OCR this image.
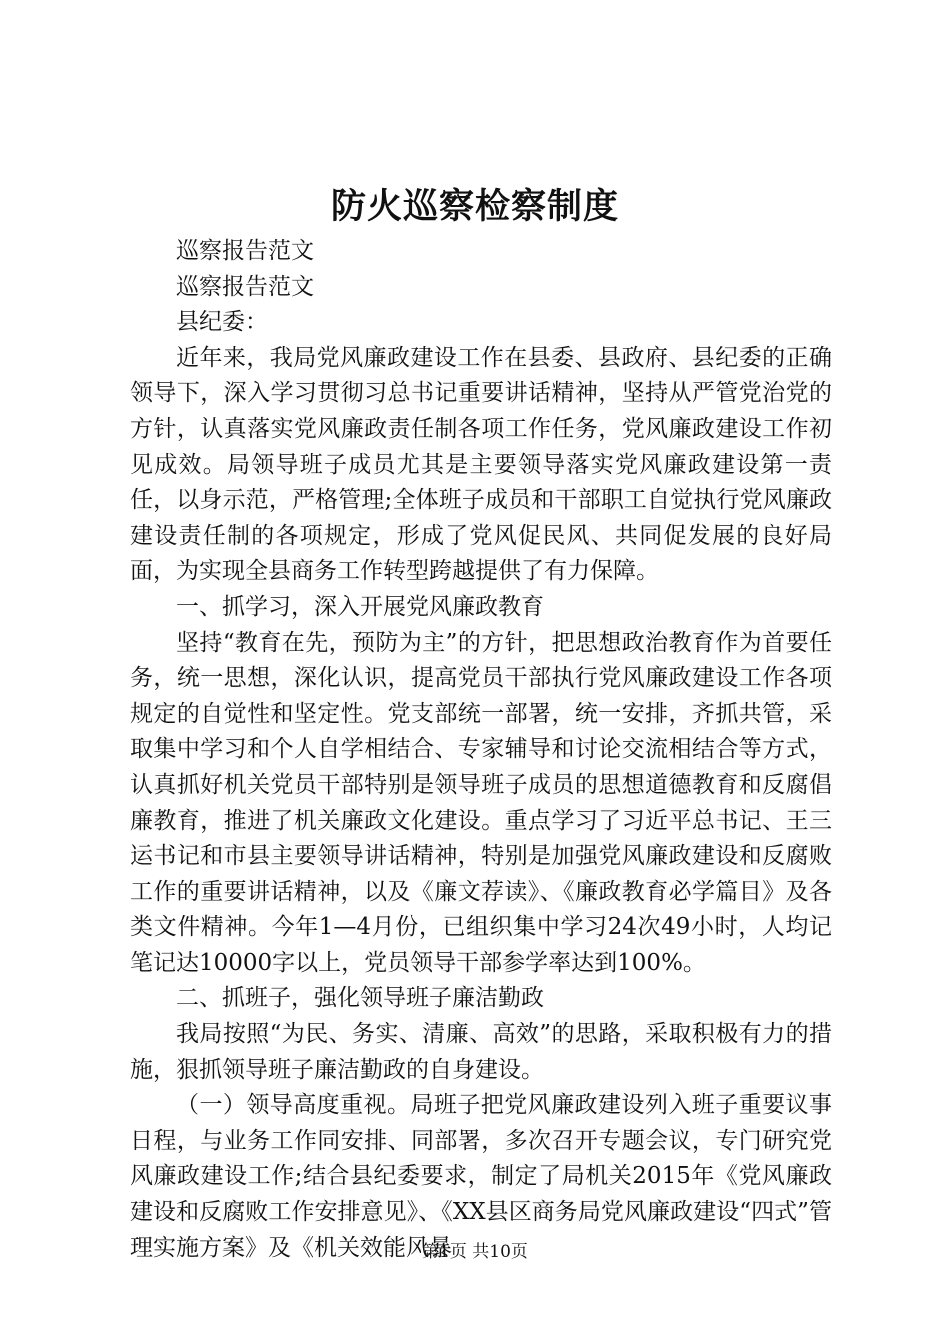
防火巡察检察制度

巡察报告范文

巡察报告范文

县纪委：

近年来，我局党风廉政建设工作在县委、县政府、县纪委的正确领导下，深入学习贯彻习总书记重要讲话精神，坚持从严管党治党的方针，认真落实党风廉政责任制各项工作任务，党风廉政建设工作初见成效。局领导班子成员尤其是主要领导落实党风廉政建设第一责任，以身示范，严格管理;全体班子成员和干部职工自觉执行党风廉政建设责任制的各项规定，形成了党风促民风、共同促发展的良好局面，为实现全县商务工作转型跨越提供了有力保障。

一、抓学习，深入开展党风廉政教育

坚持“教育在先，预防为主”的方针，把思想政治教育作为首要任务，统一思想，深化认识，提高党员干部执行党风廉政建设工作各项规定的自觉性和坚定性。党支部统一部署，统一安排，齐抓共管，采取集中学习和个人自学相结合、专家辅导和讨论交流相结合等方式，认真抓好机关党员干部特别是领导班子成员的思想道德教育和反腐倡廉教育，推进了机关廉政文化建设。重点学习了习近平总书记、王三运书记和市县主要领导讲话精神，特别是加强党风廉政建设和反腐败工作的重要讲话精神，以及《廉文荐读》、《廉政教育必学篇目》及各类文件精神。今年1—4月份，已组织集中学习24次49小时，人均记笔记达10000字以上，党员领导干部参学率达到100%。

二、抓班子，强化领导班子廉洁勤政

我局按照“为民、务实、清廉、高效”的思路，采取积极有力的措施，狠抓领导班子廉洁勤政的自身建设。

（一）领导高度重视。局班子把党风廉政建设列入班子重要议事日程，与业务工作同安排、同部署，多次召开专题会议，专门研究党风廉政建设工作;结合县纪委要求，制定了局机关2015年《党风廉政建设和反腐败工作安排意见》、《XX县区商务局党风廉政建设“四式”管理实施方案》及《机关效能风暴

第1页 共10页
